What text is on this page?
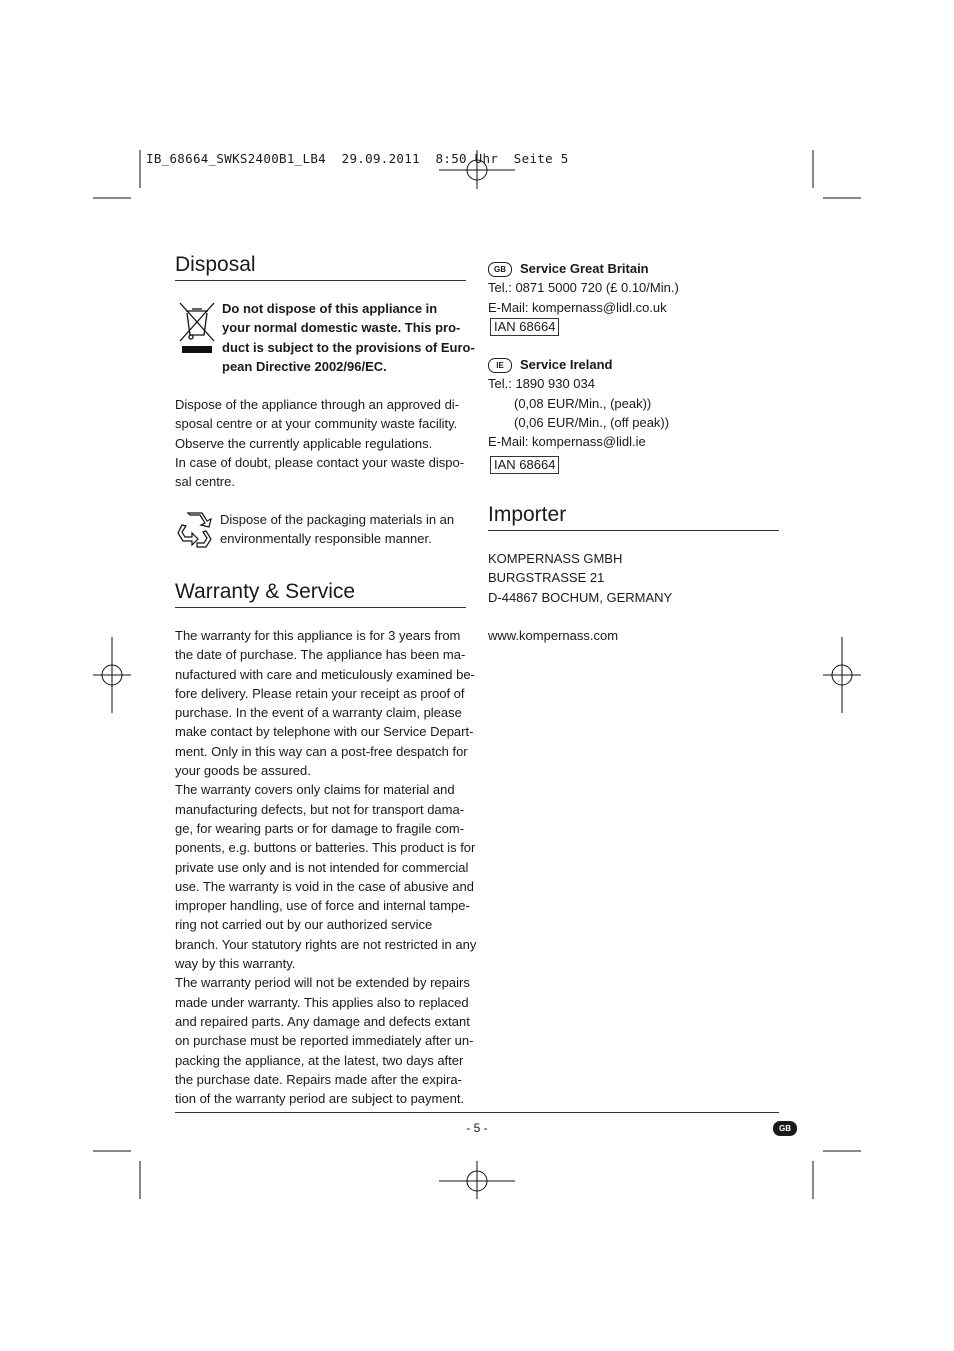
IB_68664_SWKS2400B1_LB4  29.09.2011  8:50 Uhr  Seite 5
Disposal
Do not dispose of this appliance in
your normal domestic waste. This pro-
duct is subject to the provisions of Euro-
pean Directive 2002/96/EC.
Dispose of the appliance through an approved di-
sposal centre or at your community waste facility.
Observe the currently applicable regulations.
In case of doubt, please contact your waste dispo-
sal centre.
Dispose of the packaging materials in an
environmentally responsible manner.
Warranty & Service
The warranty for this appliance is for 3 years from
the date of purchase. The appliance has been ma-
nufactured with care and meticulously examined be-
fore delivery. Please retain your receipt as proof of
purchase. In the event of a warranty claim, please
make contact by telephone with our Service Depart-
ment. Only in this way can a post-free despatch for
your goods be assured.
The warranty covers only claims for material and
manufacturing defects, but not for transport dama-
ge, for wearing parts or for damage to fragile com-
ponents, e.g. buttons or batteries. This product is for
private use only and is not intended for commercial
use. The warranty is void in the case of abusive and
improper handling, use of force and internal tampe-
ring not carried out by our authorized service
branch. Your statutory rights are not restricted in any
way by this warranty.
The warranty period will not be extended by repairs
made under warranty. This applies also to replaced
and repaired parts. Any damage and defects extant
on purchase must be reported immediately after un-
packing the appliance, at the latest, two days after
the purchase date. Repairs made after the expira-
tion of the warranty period are subject to payment.
GB Service Great Britain
Tel.: 0871 5000 720 (£ 0.10/Min.)
E-Mail: kompernass@lidl.co.uk
IAN 68664
IE Service Ireland
Tel.: 1890 930 034
(0,08 EUR/Min., (peak))
(0,06 EUR/Min., (off peak))
E-Mail: kompernass@lidl.ie
IAN 68664
Importer
KOMPERNASS GMBH
BURGSTRASSE 21
D-44867 BOCHUM, GERMANY
www.kompernass.com
- 5 -	GB
